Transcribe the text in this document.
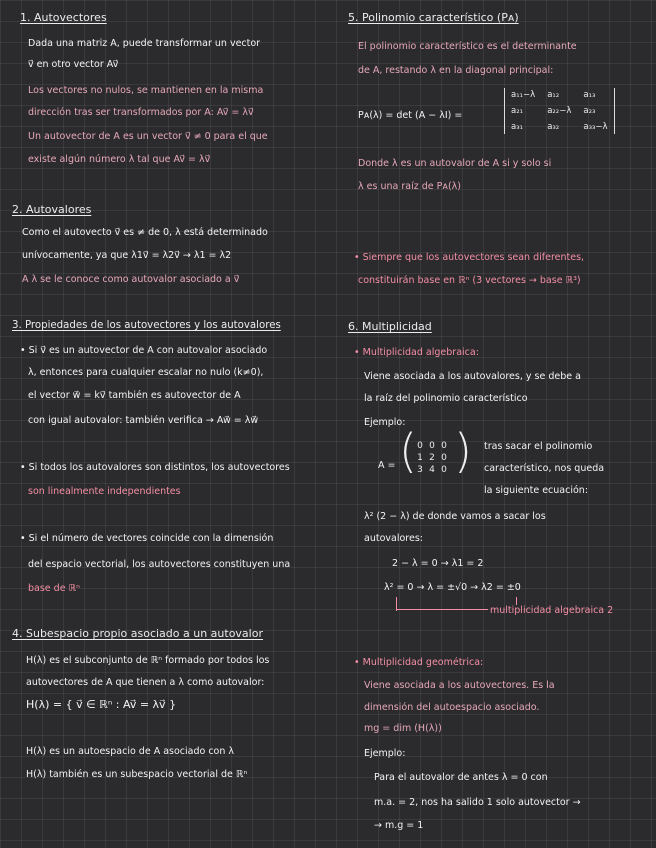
1. Autovectores
Dada una matriz A, puede transformar un vector
v⃗ en otro vector Av⃗
Los vectores no nulos, se mantienen en la misma
dirección tras ser transformados por A: Av⃗ = λv⃗
Un autovector de A es un vector v⃗ ≠ 0 para el que
existe algún número λ tal que Av⃗ = λv⃗
2. Autovalores
Como el autovecto v⃗ es ≠ de 0, λ está determinado
unívocamente, ya que λ1v⃗ = λ2v⃗ → λ1 = λ2
A λ se le conoce como autovalor asociado a v⃗
3. Propiedades de los autovectores y los autovalores
• Si v⃗ es un autovector de A con autovalor asociado
λ, entonces para cualquier escalar no nulo (k≠0),
el vector w⃗ = kv⃗ también es autovector de A
con igual autovalor: también verifica → Aw⃗ = λw⃗
• Si todos los autovalores son distintos, los autovectores
son linealmente independientes
• Si el número de vectores coincide con la dimensión
del espacio vectorial, los autovectores constituyen una
base de ℝⁿ
4. Subespacio propio asociado a un autovalor
H(λ) es el subconjunto de ℝⁿ formado por todos los
autovectores de A que tienen a λ como autovalor:
H(λ) = { v⃗ ∈ ℝⁿ : Av⃗ = λv⃗ }
H(λ) es un autoespacio de A asociado con λ
H(λ) también es un subespacio vectorial de ℝⁿ
5. Polinomio característico (Pᴀ)
El polinomio característico es el determinante
de A, restando λ en la diagonal principal:
Pᴀ(λ) = det (A − λI) =
a₁₁−λ a₁₂	a₁₃
a₂₁	a₂₂−λ a₂₃
a₃₁	a₃₂	a₃₃−λ
Donde λ es un autovalor de A si y solo si
λ es una raíz de Pᴀ(λ)
• Siempre que los autovectores sean diferentes,
constituirán base en ℝⁿ (3 vectores → base ℝ³)
6. Multiplicidad
• Multiplicidad algebraica:
Viene asociada a los autovalores, y se debe a
la raíz del polinomio característico
Ejemplo:
A = ( 0 0 0
1 2 0
3 4 0 ) tras sacar el polinomio
característico, nos queda
la siguiente ecuación:
λ² (2 − λ) de donde vamos a sacar los
autovalores:
2 − λ = 0 → λ1 = 2
λ² = 0 → λ = ±√0 → λ2 = ±0
multiplicidad algebraica 2
• Multiplicidad geométrica:
Viene asociada a los autovectores. Es la
dimensión del autoespacio asociado.
mg = dim (H(λ))
Ejemplo:
Para el autovalor de antes λ = 0 con
m.a. = 2, nos ha salido 1 solo autovector →
→ m.g = 1
